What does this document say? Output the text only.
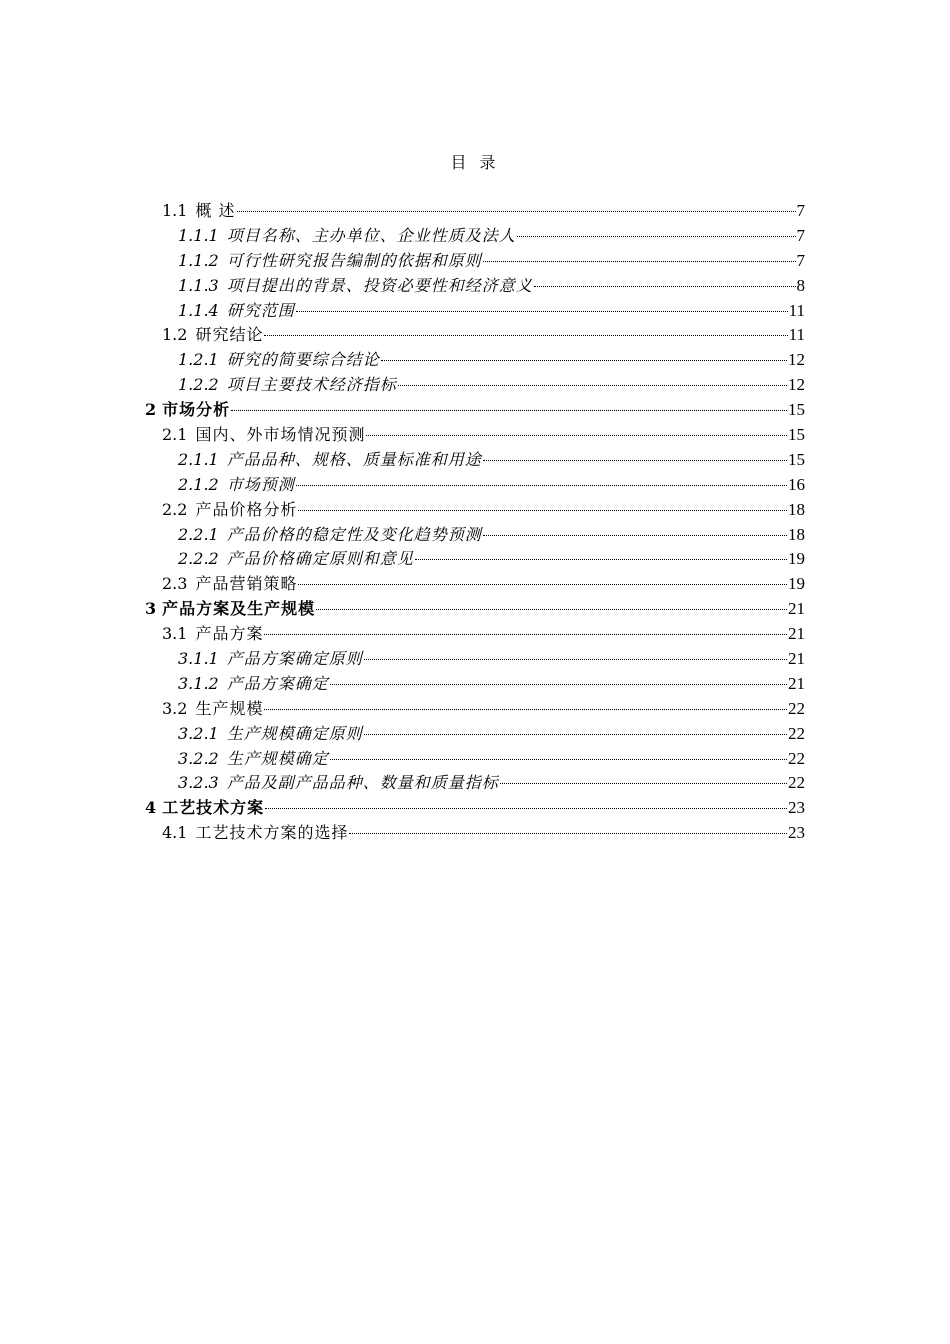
目 录
1.1 概 述	7
1.1.1 项目名称、主办单位、企业性质及法人	7
1.1.2 可行性研究报告编制的依据和原则	7
1.1.3 项目提出的背景、投资必要性和经济意义	8
1.1.4 研究范围	11
1.2 研究结论	11
1.2.1 研究的简要综合结论	12
1.2.2 项目主要技术经济指标	12
2 市场分析	15
2.1 国内、外市场情况预测	15
2.1.1 产品品种、规格、质量标准和用途	15
2.1.2 市场预测	16
2.2 产品价格分析	18
2.2.1 产品价格的稳定性及变化趋势预测	18
2.2.2 产品价格确定原则和意见	19
2.3 产品营销策略	19
3 产品方案及生产规模	21
3.1 产品方案	21
3.1.1 产品方案确定原则	21
3.1.2 产品方案确定	21
3.2 生产规模	22
3.2.1 生产规模确定原则	22
3.2.2 生产规模确定	22
3.2.3 产品及副产品品种、数量和质量指标	22
4 工艺技术方案	23
4.1 工艺技术方案的选择	23
